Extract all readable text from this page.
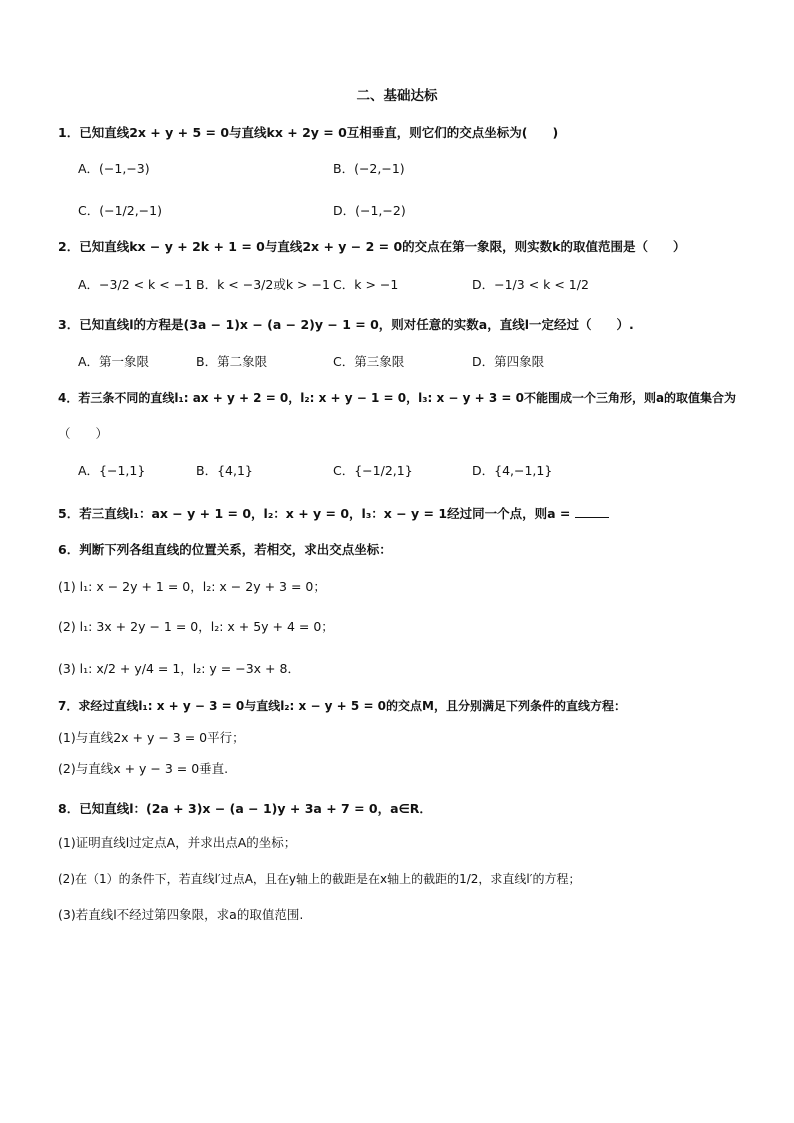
二、基础达标
1．已知直线2x + y + 5 = 0与直线kx + 2y = 0互相垂直，则它们的交点坐标为(　　)
A．(−1,−3)	B．(−2,−1)
C．(−1/2,−1)	D．(−1,−2)
2．已知直线kx − y + 2k + 1 = 0与直线2x + y − 2 = 0的交点在第一象限，则实数k的取值范围是（　　）
A．−3/2 < k < −1 B．k < −3/2或k > −1 C．k > −1	D．−1/3 < k < 1/2
3．已知直线l的方程是(3a − 1)x − (a − 2)y − 1 = 0，则对任意的实数a，直线l一定经过（　　）.
A．第一象限	B．第二象限	C．第三象限	D．第四象限
4．若三条不同的直线l₁: ax + y + 2 = 0，l₂: x + y − 1 = 0，l₃: x − y + 3 = 0不能围成一个三角形，则a的取值集合为
（　　）
A．{−1,1}	B．{4,1}	C．{−1/2,1}	D．{4,−1,1}
5．若三直线l₁：ax − y + 1 = 0，l₂：x + y = 0，l₃：x − y = 1经过同一个点，则a =
6．判断下列各组直线的位置关系，若相交，求出交点坐标：
(1) l₁: x − 2y + 1 = 0，l₂: x − 2y + 3 = 0；
(2) l₁: 3x + 2y − 1 = 0，l₂: x + 5y + 4 = 0；
(3) l₁: x/2 + y/4 = 1，l₂: y = −3x + 8．
7．求经过直线l₁: x + y − 3 = 0与直线l₂: x − y + 5 = 0的交点M，且分别满足下列条件的直线方程：
(1)与直线2x + y − 3 = 0平行；
(2)与直线x + y − 3 = 0垂直.
8．已知直线l：(2a + 3)x − (a − 1)y + 3a + 7 = 0，a∈R．
(1)证明直线l过定点A，并求出点A的坐标；
(2)在（1）的条件下，若直线l′过点A，且在y轴上的截距是在x轴上的截距的1/2，求直线l′的方程；
(3)若直线l不经过第四象限，求a的取值范围.
